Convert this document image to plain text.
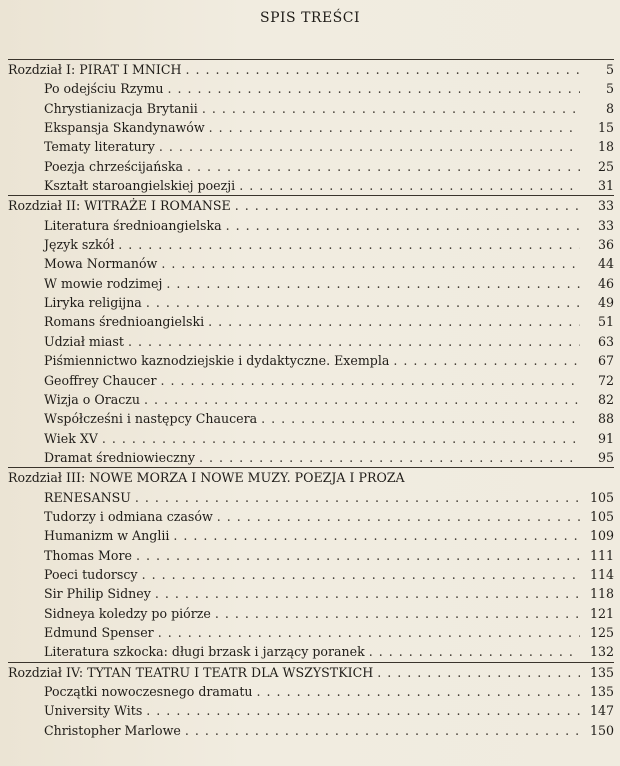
SPIS TREŚCI
Rozdział I: PIRAT I MNICH . . .	5
Po odejściu Rzymu . . .	5
Chrystianizacja Brytanii . . .	8
Ekspansja Skandynawów . . .	15
Tematy literatury . . .	18
Poezja chrześcijańska . . .	25
Kształt staroangielskiej poezji . . .	31
Rozdział II: WITRAŻE I ROMANSE . . .	33
Literatura średnioangielska . . .	33
Język szkół . . .	36
Mowa Normanów . . .	44
W mowie rodzimej . . .	46
Liryka religijna . . .	49
Romans średnioangielski . . .	51
Udział miast . . .	63
Piśmiennictwo kaznodziejskie i dydaktyczne. Exempla . . .	67
Geoffrey Chaucer . . .	72
Wizja o Oraczu . . .	82
Współcześni i następcy Chaucera . . .	88
Wiek XV . . .	91
Dramat średniowieczny . . .	95
Rozdział III: NOWE MORZA I NOWE MUZY. POEZJA I PROZA
RENESANSU . . .	105
Tudorzy i odmiana czasów . . .	105
Humanizm w Anglii . . .	109
Thomas More . . .	111
Poeci tudorscy . . .	114
Sir Philip Sidney . . .	118
Sidneya koledzy po piórze . . .	121
Edmund Spenser . . .	125
Literatura szkocka: długi brzask i jarzący poranek . . .	132
Rozdział IV: TYTAN TEATRU I TEATR DLA WSZYSTKICH . . .	135
Początki nowoczesnego dramatu . . .	135
University Wits . . .	147
Christopher Marlowe . . .	150
